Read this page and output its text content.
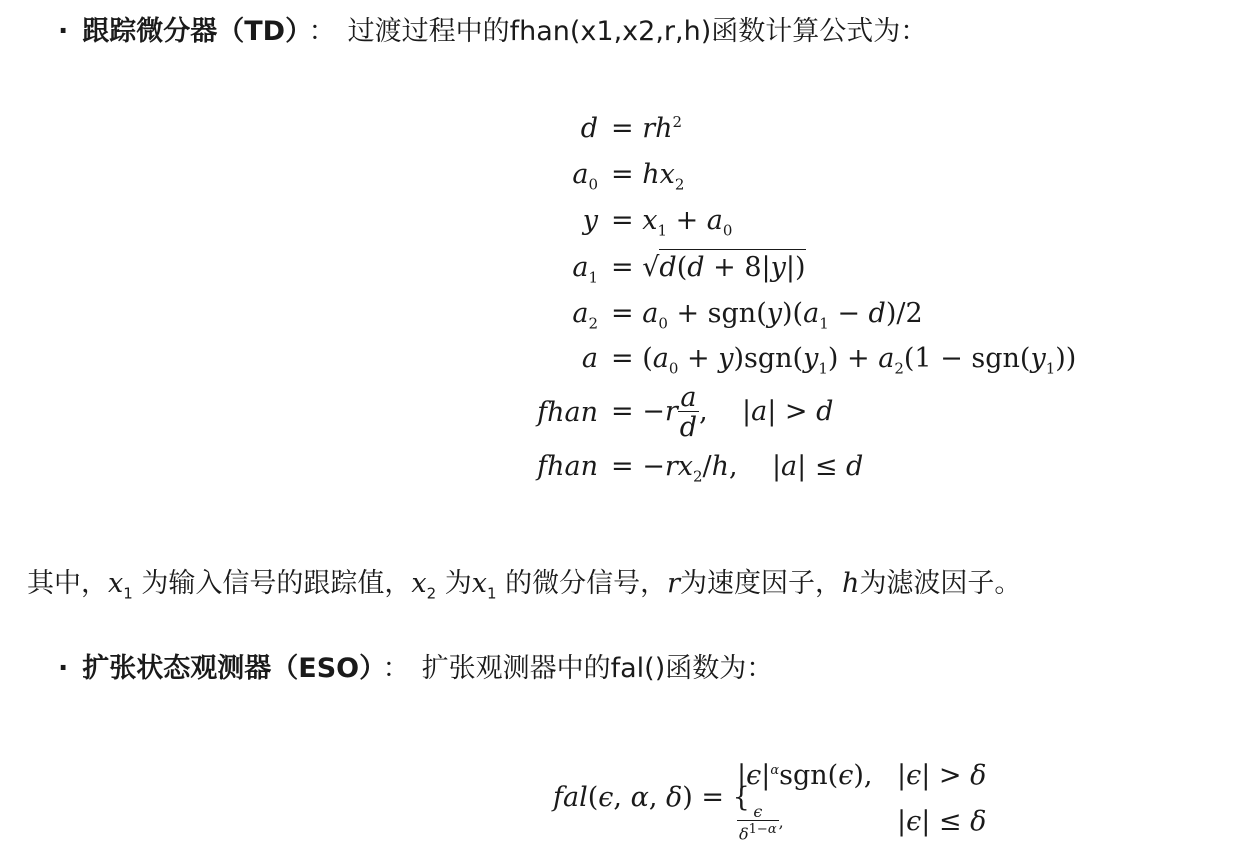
· 跟踪微分器（TD） ： 过渡过程中的fhan(x1,x2,r,h)函数计算公式为：
$d = rh^2$
$a_0 = hx_2$
$y = x_1 + a_0$
$a_1 = √d(d + 8|y|)$
$a_2 = a_0 + sgn(y)(a_1 - d)/2$
$a = (a_0 + y)sgn(y_1) + a_2(1 - sgn(y_1))$
fhan = $-r \frac{a}{d}$ ,    |a| > d
fhan = $-rx_2/h$,    |a| ≤ d
其中，$x_1$ 为输入信号的跟踪值，$x_2$ 为$x_1$ 的微分信号，r为速度因子，h为滤波因子。
· 扩张状态观测器（ESO） ： 扩张观测器中的fal()函数为：
fal(ϵ, α, δ) = {
$|\epsilon|^\alpha sgn(\epsilon)$, |ϵ| > δ
$\frac{\epsilon}{\delta^{1-\alpha}}$ ,	|ϵ| ≤ δ
